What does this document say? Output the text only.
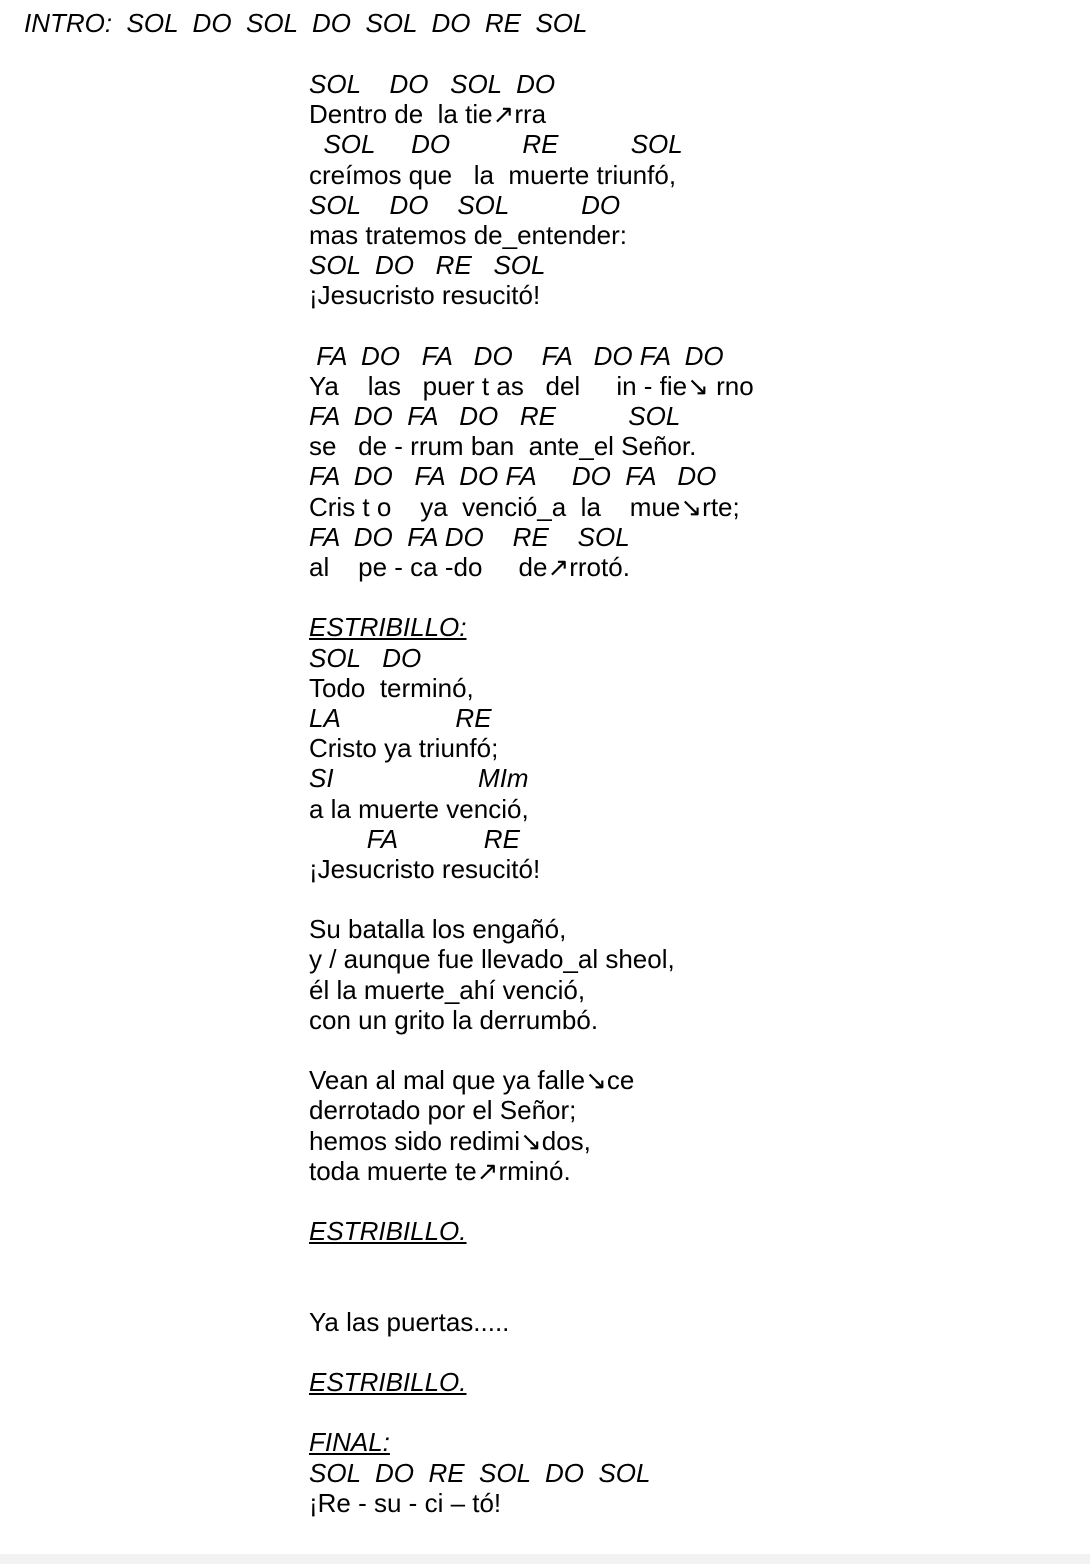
INTRO:  SOL  DO  SOL  DO  SOL  DO  RE  SOL

SOL    DO   SOL  DO
Dentro de  la tie↗rra
SOL     DO          RE          SOL
creímos que   la  muerte triunfó,
SOL    DO    SOL          DO
mas tratemos de_entender:
SOL  DO   RE   SOL
¡Jesucristo resucitó!
FA  DO   FA   DO    FA   DO FA  DO
Ya    las   puer t as   del     in - fie↘ rno
FA  DO  FA   DO   RE          SOL
se   de - rrum ban  ante_el Señor.
FA  DO   FA  DO FA     DO  FA   DO
Cris t o    ya  venció_a  la    mue↘rte;
FA  DO  FA DO    RE    SOL
al    pe - ca -do     de↗rrotó.
ESTRIBILLO:
SOL   DO
Todo  terminó,
LA                RE
Cristo ya triunfó;
SI                    MIm
a la muerte venció,
FA            RE
¡Jesucristo resucitó!
Su batalla los engañó,
y / aunque fue llevado_al sheol,
él la muerte_ahí venció,
con un grito la derrumbó.
Vean al mal que ya falle↘ce
derrotado por el Señor;
hemos sido redimi↘dos,
toda muerte te↗rminó.
ESTRIBILLO.
Ya las puertas.....
ESTRIBILLO.
FINAL:
SOL  DO  RE  SOL  DO  SOL
¡Re - su - ci – tó!
